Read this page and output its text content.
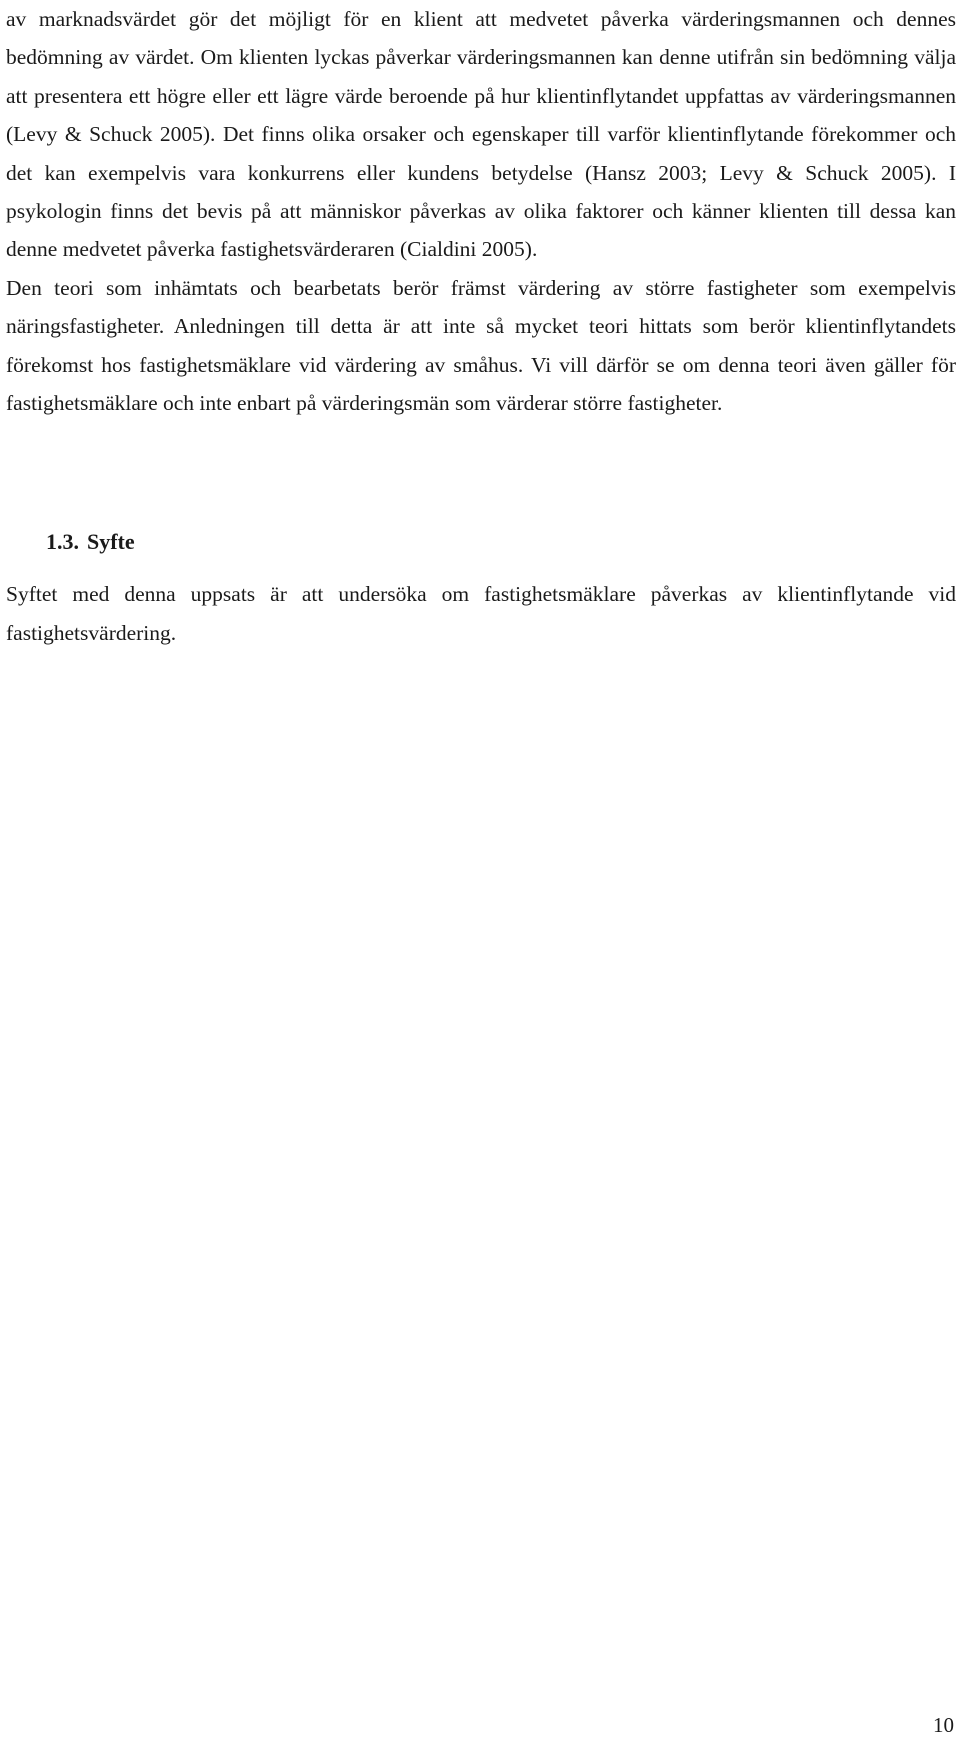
av marknadsvärdet gör det möjligt för en klient att medvetet påverka värderingsmannen och dennes bedömning av värdet. Om klienten lyckas påverkar värderingsmannen kan denne utifrån sin bedömning välja att presentera ett högre eller ett lägre värde beroende på hur klientinflytandet uppfattas av värderingsmannen (Levy & Schuck 2005). Det finns olika orsaker och egenskaper till varför klientinflytande förekommer och det kan exempelvis vara konkurrens eller kundens betydelse (Hansz 2003; Levy & Schuck 2005). I psykologin finns det bevis på att människor påverkas av olika faktorer och känner klienten till dessa kan denne medvetet påverka fastighetsvärderaren (Cialdini 2005).

Den teori som inhämtats och bearbetats berör främst värdering av större fastigheter som exempelvis näringsfastigheter. Anledningen till detta är att inte så mycket teori hittats som berör klientinflytandets förekomst hos fastighetsmäklare vid värdering av småhus. Vi vill därför se om denna teori även gäller för fastighetsmäklare och inte enbart på värderingsmän som värderar större fastigheter.

1.3. Syfte

Syftet med denna uppsats är att undersöka om fastighetsmäklare påverkas av klientinflytande vid fastighetsvärdering.

10
